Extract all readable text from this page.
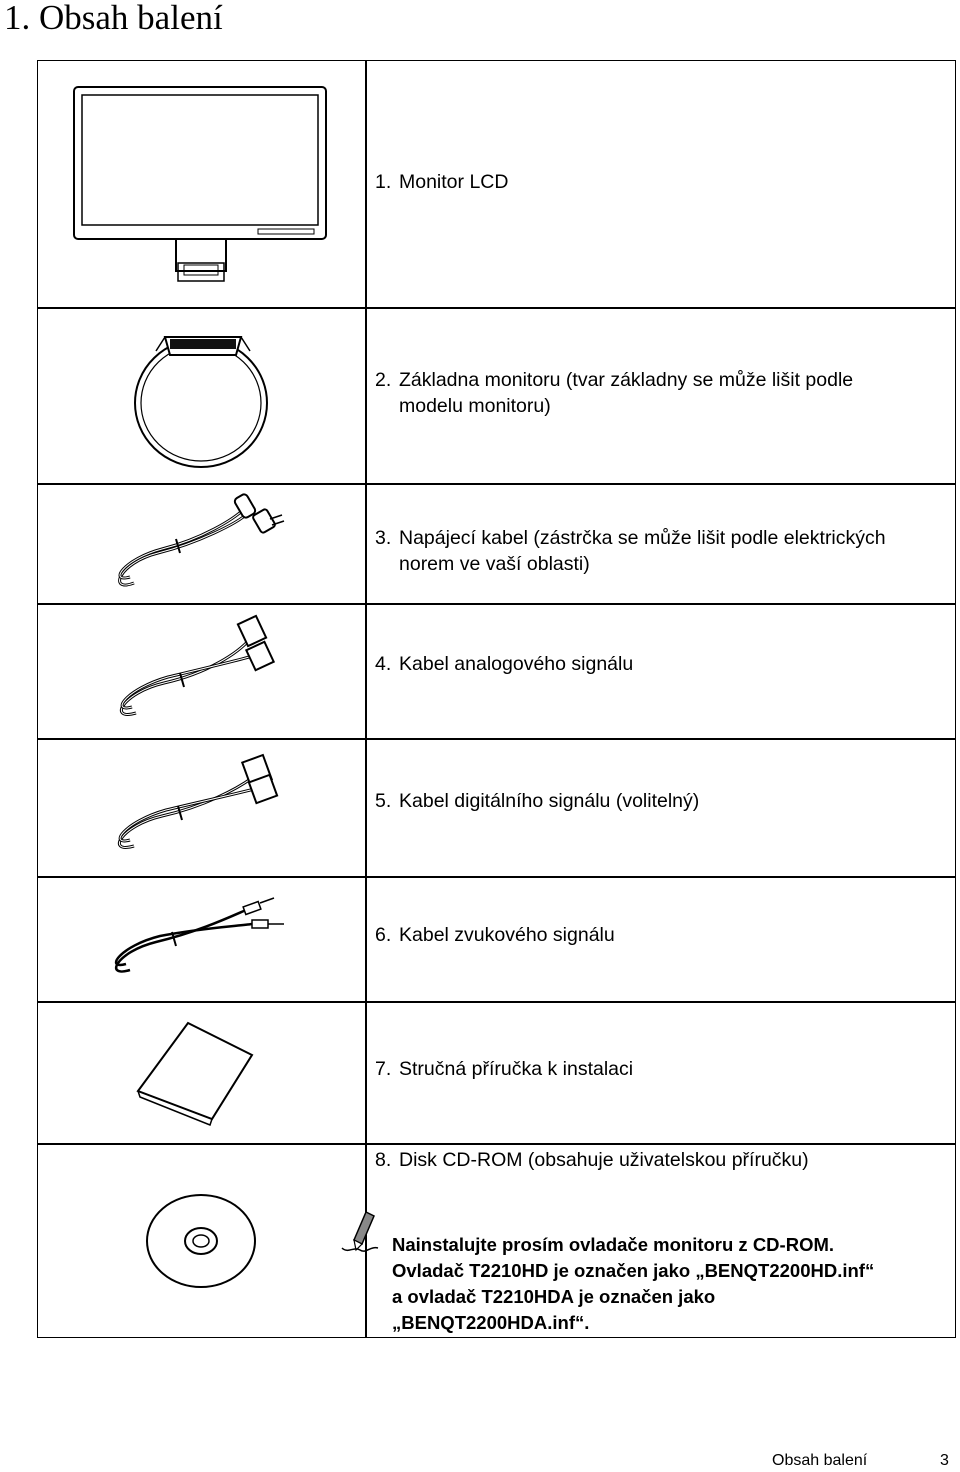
1. Obsah balení
1. Monitor LCD
2. Základna monitoru (tvar základny se může lišit podle
modelu monitoru)
3. Napájecí kabel (zástrčka se může lišit podle elektrických
norem ve vaší oblasti)
4. Kabel analogového signálu
5. Kabel digitálního signálu (volitelný)
6. Kabel zvukového signálu
7. Stručná příručka k instalaci
8. Disk CD-ROM (obsahuje uživatelskou příručku)
Nainstalujte prosím ovladače monitoru z CD-ROM.
Ovladač T2210HD je označen jako „BENQT2200HD.inf“
a ovladač T2210HDA je označen jako
„BENQT2200HDA.inf“.
Obsah balení	3
